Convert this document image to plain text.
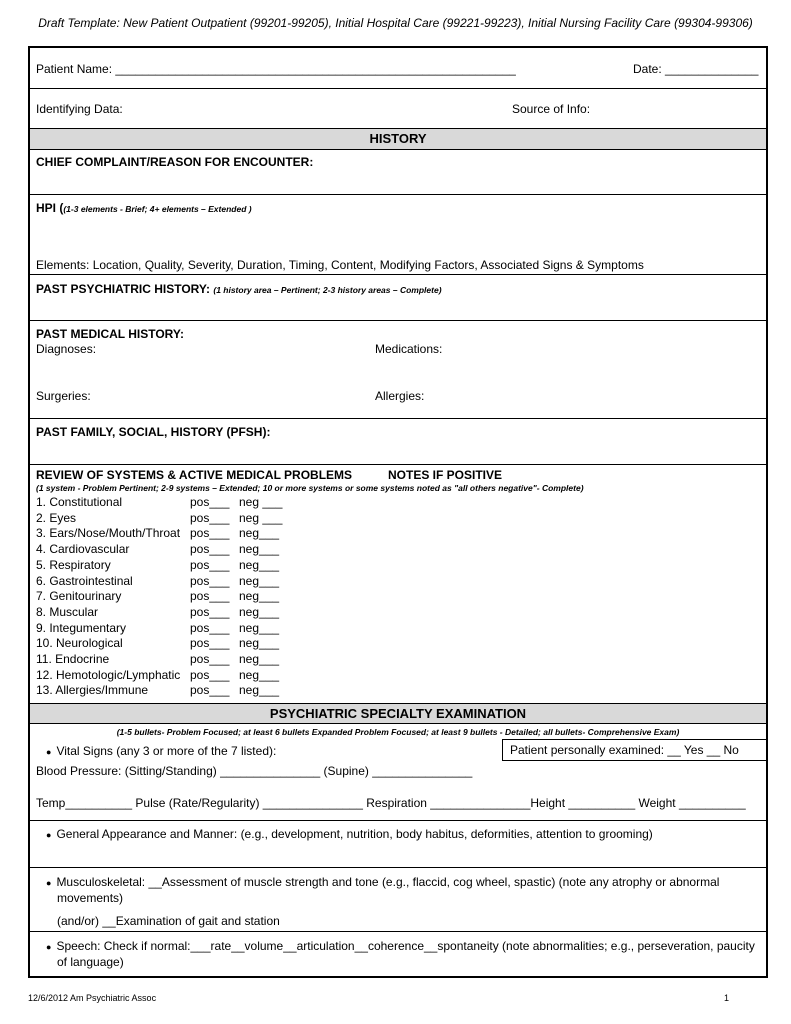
Draft Template: New Patient Outpatient (99201-99205), Initial Hospital Care (99221-99223), Initial Nursing Facility Care (99304-99306)
Patient Name: ____________________________________________________________	Date: ______________
Identifying Data:	Source of Info:
HISTORY
CHIEF COMPLAINT/REASON FOR ENCOUNTER:
HPI ((1-3 elements - Brief; 4+ elements – Extended )
Elements: Location, Quality, Severity, Duration, Timing, Content, Modifying Factors, Associated Signs & Symptoms
PAST PSYCHIATRIC HISTORY: (1 history area – Pertinent; 2-3 history areas – Complete)
PAST MEDICAL HISTORY:
Diagnoses:	Medications:
Surgeries:	Allergies:
PAST FAMILY, SOCIAL, HISTORY (PFSH):
REVIEW OF SYSTEMS & ACTIVE MEDICAL PROBLEMS	NOTES IF POSITIVE
(1 system - Problem Pertinent; 2-9 systems – Extended; 10 or more systems or some systems noted as "all others negative"- Complete)
1. Constitutional	pos___ neg ___
2. Eyes	pos___ neg ___
3. Ears/Nose/Mouth/Throat pos___ neg___
4. Cardiovascular	pos___ neg___
5. Respiratory	pos___ neg___
6. Gastrointestinal	pos___ neg___
7. Genitourinary	pos___ neg___
8. Muscular	pos___ neg___
9. Integumentary	pos___ neg___
10. Neurological	pos___ neg___
11. Endocrine	pos___ neg___
12. Hemotologic/Lymphatic pos___ neg___
13. Allergies/Immune	pos___ neg___
PSYCHIATRIC SPECIALTY EXAMINATION
(1-5 bullets- Problem Focused; at least 6 bullets Expanded Problem Focused; at least 9 bullets - Detailed; all bullets- Comprehensive Exam)
Patient personally examined: __ Yes __ No
● Vital Signs (any 3 or more of the 7 listed):
Blood Pressure: (Sitting/Standing) _______________ (Supine) _______________
Temp__________ Pulse (Rate/Regularity) _______________ Respiration _______________Height __________ Weight __________
● General Appearance and Manner: (e.g., development, nutrition, body habitus, deformities, attention to grooming)
● Musculoskeletal: __Assessment of muscle strength and tone (e.g., flaccid, cog wheel, spastic) (note any atrophy or abnormal
movements)
(and/or) __Examination of gait and station
● Speech: Check if normal:___rate__volume__articulation__coherence__spontaneity (note abnormalities; e.g., perseveration, paucity
of language)
12/6/2012 Am Psychiatric Assoc	1
